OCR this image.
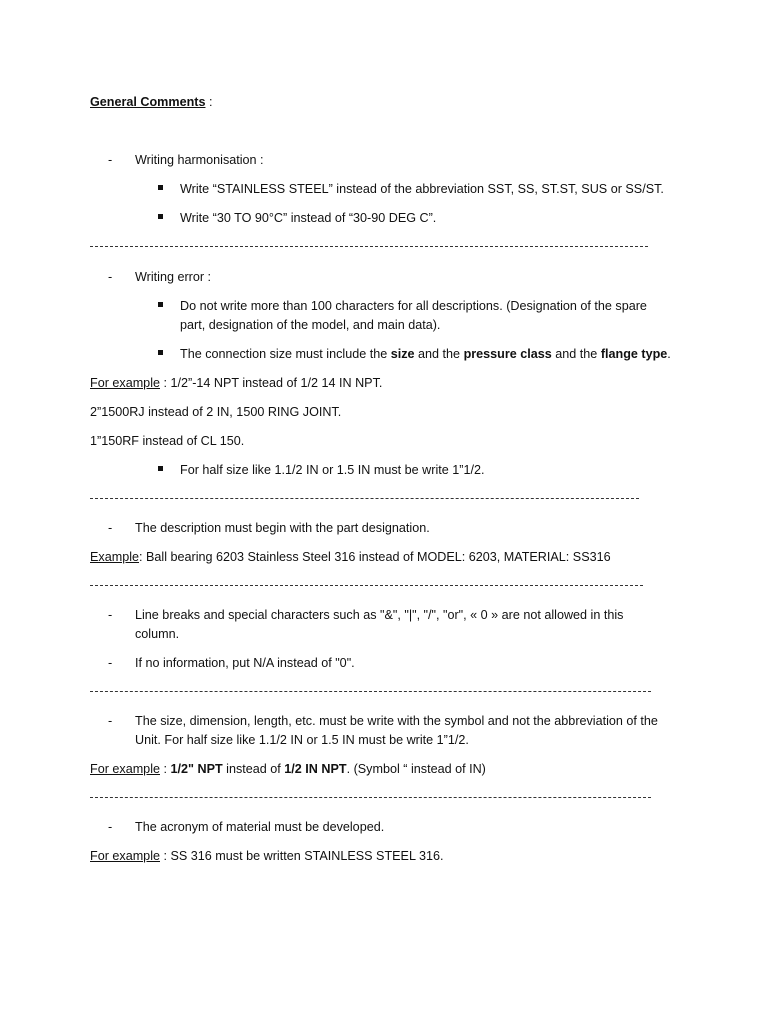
General Comments :
-	Writing harmonisation :
Write “STAINLESS STEEL” instead of the abbreviation SST, SS, ST.ST, SUS or SS/ST.
Write “30 TO 90°C” instead of “30-90 DEG C”.
-	Writing error :
Do not write more than 100 characters for all descriptions. (Designation of the spare
part, designation of the model, and main data).
The connection size must include the size and the pressure class and the flange type.
For example : 1/2”-14 NPT instead of 1/2 14 IN NPT.
2”1500RJ instead of 2 IN, 1500 RING JOINT.
1”150RF instead of CL 150.
For half size like 1.1/2 IN or 1.5 IN must be write 1”1/2.
-	The description must begin with the part designation.
Example: Ball bearing 6203 Stainless Steel 316 instead of MODEL: 6203, MATERIAL: SS316
-	Line breaks and special characters such as "&", "|", "/", "or", « 0 » are not allowed in this
column.
-	If no information, put N/A instead of "0".
-	The size, dimension, length, etc. must be write with the symbol and not the abbreviation of the
Unit. For half size like 1.1/2 IN or 1.5 IN must be write 1”1/2.
For example : 1/2" NPT instead of 1/2 IN NPT. (Symbol “ instead of IN)
-	The acronym of material must be developed.
For example : SS 316 must be written STAINLESS STEEL 316.
